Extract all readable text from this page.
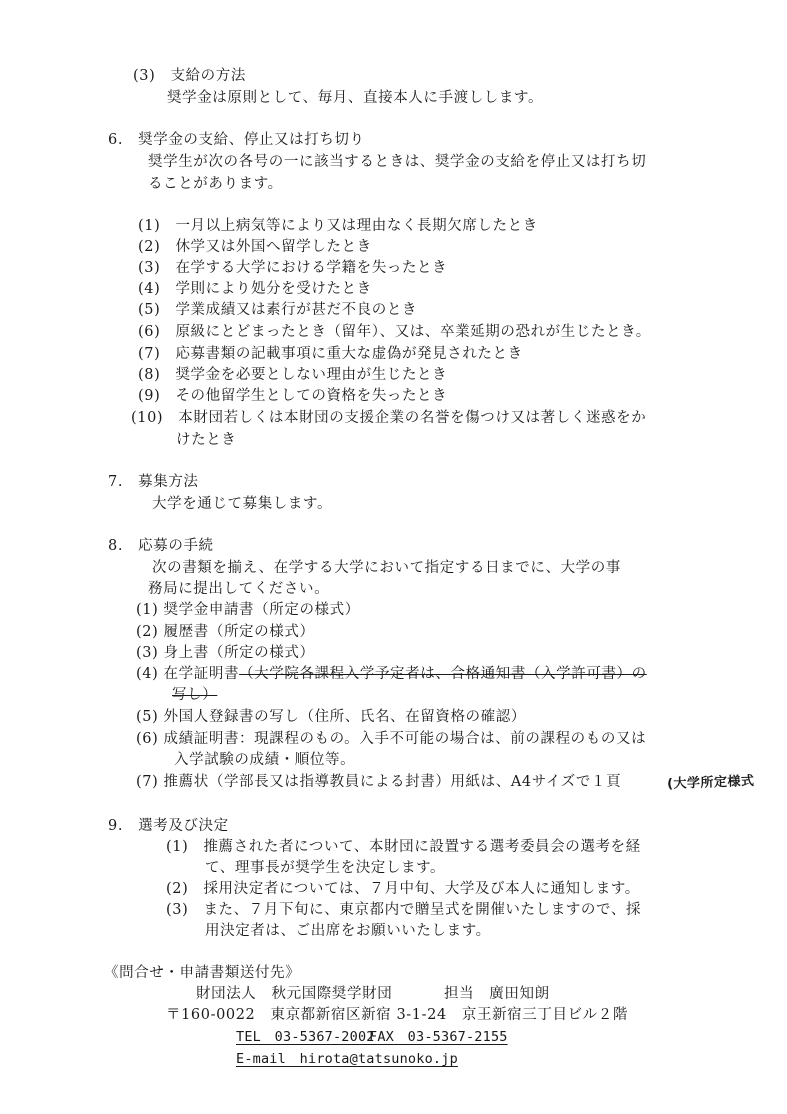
(3)　支給の方法

奨学金は原則として、毎月、直接本人に手渡しします。

6.　奨学金の支給、停止又は打ち切り

奨学生が次の各号の一に該当するときは、奨学金の支給を停止又は打ち切

ることがあります。

(1)　一月以上病気等により又は理由なく長期欠席したとき

(2)　休学又は外国へ留学したとき

(3)　在学する大学における学籍を失ったとき

(4)　学則により処分を受けたとき

(5)　学業成績又は素行が甚だ不良のとき

(6)　原級にとどまったとき（留年）、又は、卒業延期の恐れが生じたとき。

(7)　応募書類の記載事項に重大な虚偽が発見されたとき

(8)　奨学金を必要としない理由が生じたとき

(9)　その他留学生としての資格を失ったとき

(10)　本財団若しくは本財団の支援企業の名誉を傷つけ又は著しく迷惑をか

けたとき

7.　募集方法

大学を通じて募集します。

8.　応募の手続

次の書類を揃え、在学する大学において指定する日までに、大学の事

務局に提出してください。

(1) 奨学金申請書（所定の様式）

(2) 履歴書（所定の様式）

(3) 身上書（所定の様式）

(4) 在学証明書（大学院各課程入学予定者は、合格通知書（入学許可書）の

写し）

(5) 外国人登録書の写し（住所、氏名、在留資格の確認）

(6) 成績証明書：現課程のもの。入手不可能の場合は、前の課程のもの又は

入学試験の成績・順位等。

(7) 推薦状（学部長又は指導教員による封書）用紙は、A4サイズで１頁	(大学所定様式

9.　選考及び決定

(1)　推薦された者について、本財団に設置する選考委員会の選考を経

て、理事長が奨学生を決定します。

(2)　採用決定者については、７月中旬、大学及び本人に通知します。

(3)　また、７月下旬に、東京都内で贈呈式を開催いたしますので、採

用決定者は、ご出席をお願いいたします。

《問合せ・申請書類送付先》

財団法人　秋元国際奨学財団	担当　廣田知朗

〒160-0022　東京都新宿区新宿 3-1-24　京王新宿三丁目ビル２階

TEL　03-5367-2002

FAX　03-5367-2155

E-mail　hirota@tatsunoko.jp
